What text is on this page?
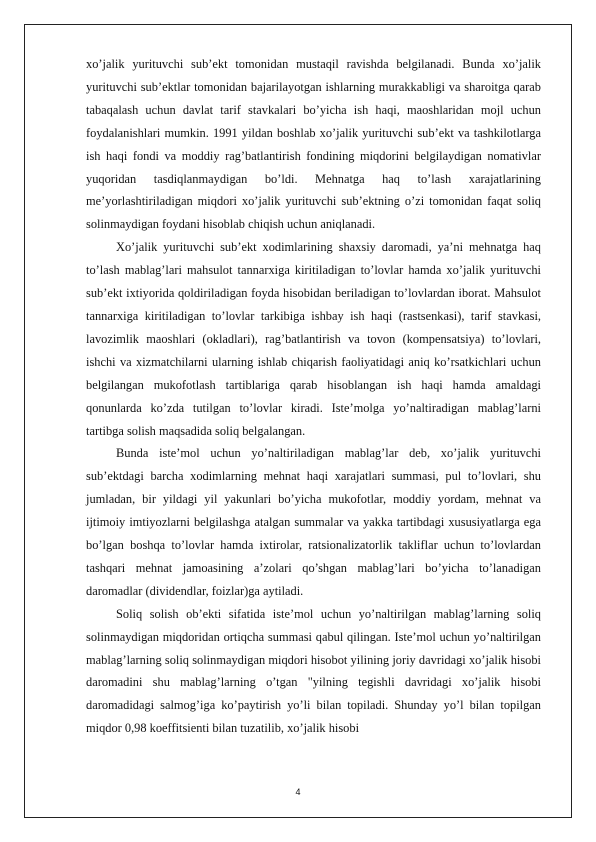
xo’jalik yurituvchi sub’ekt tomonidan mustaqil ravishda belgilanadi. Bunda xo’jalik yurituvchi sub’ektlar tomonidan bajarilayotgan ishlarning murakkabligi va sharoitga qarab tabaqalash uchun davlat tarif stavkalari bo’yicha ish haqi, maoshlaridan mojl uchun foydalanishlari mumkin. 1991 yildan boshlab xo’jalik yurituvchi sub’ekt va tashkilotlarga ish haqi fondi va moddiy rag’batlantirish fondining miqdorini belgilaydigan nomativlar yuqoridan tasdiqlanmaydigan bo’ldi. Mehnatga haq to’lash xarajatlarining me’yorlashtiriladigan miqdori xo’jalik yurituvchi sub’ektning o’zi tomonidan faqat soliq solinmaydigan foydani hisoblab chiqish uchun aniqlanadi.

Xo’jalik yurituvchi sub’ekt xodimlarining shaxsiy daromadi, ya’ni mehnatga haq to’lash mablag’lari mahsulot tannarxiga kiritiladigan to’lovlar hamda xo’jalik yurituvchi sub’ekt ixtiyorida qoldiriladigan foyda hisobidan beriladigan to’lovlardan iborat. Mahsulot tannarxiga kiritiladigan to’lovlar tarkibiga ishbay ish haqi (rastsenkasi), tarif stavkasi, lavozimlik maoshlari (okladlari), rag’batlantirish va tovon (kompensatsiya) to’lovlari, ishchi va xizmatchilarni ularning ishlab chiqarish faoliyatidagi aniq ko’rsatkichlari uchun belgilangan mukofotlash tartiblariga qarab hisoblangan ish haqi hamda amaldagi qonunlarda ko’zda tutilgan to’lovlar kiradi. Iste’molga yo’naltiradigan mablag’larni tartibga solish maqsadida soliq belgalangan.

Bunda iste’mol uchun yo’naltiriladigan mablag’lar deb, xo’jalik yurituvchi sub’ektdagi barcha xodimlarning mehnat haqi xarajatlari summasi, pul to’lovlari, shu jumladan, bir yildagi yil yakunlari bo’yicha mukofotlar, moddiy yordam, mehnat va ijtimoiy imtiyozlarni belgilashga atalgan summalar va yakka tartibdagi xususiyatlarga ega bo’lgan boshqa to’lovlar hamda ixtirolar, ratsionalizatorlik takliflar uchun to’lovlardan tashqari mehnat jamoasining a’zolari qo’shgan mablag’lari bo’yicha to’lanadigan daromadlar (dividendlar, foizlar)ga aytiladi.

Soliq solish ob’ekti sifatida iste’mol uchun yo’naltirilgan mablag’larning soliq solinmaydigan miqdoridan ortiqcha summasi qabul qilingan. Iste’mol uchun yo’naltirilgan mablag’larning soliq solinmaydigan miqdori hisobot yilining joriy davridagi xo’jalik hisobi daromadini shu mablag’larning o’tgan "yilning tegishli davridagi xo’jalik hisobi daromadidagi salmog’iga ko’paytirish yo’li bilan topiladi. Shunday yo’l bilan topilgan miqdor 0,98 koeffitsienti bilan tuzatilib, xo’jalik hisobi

4
